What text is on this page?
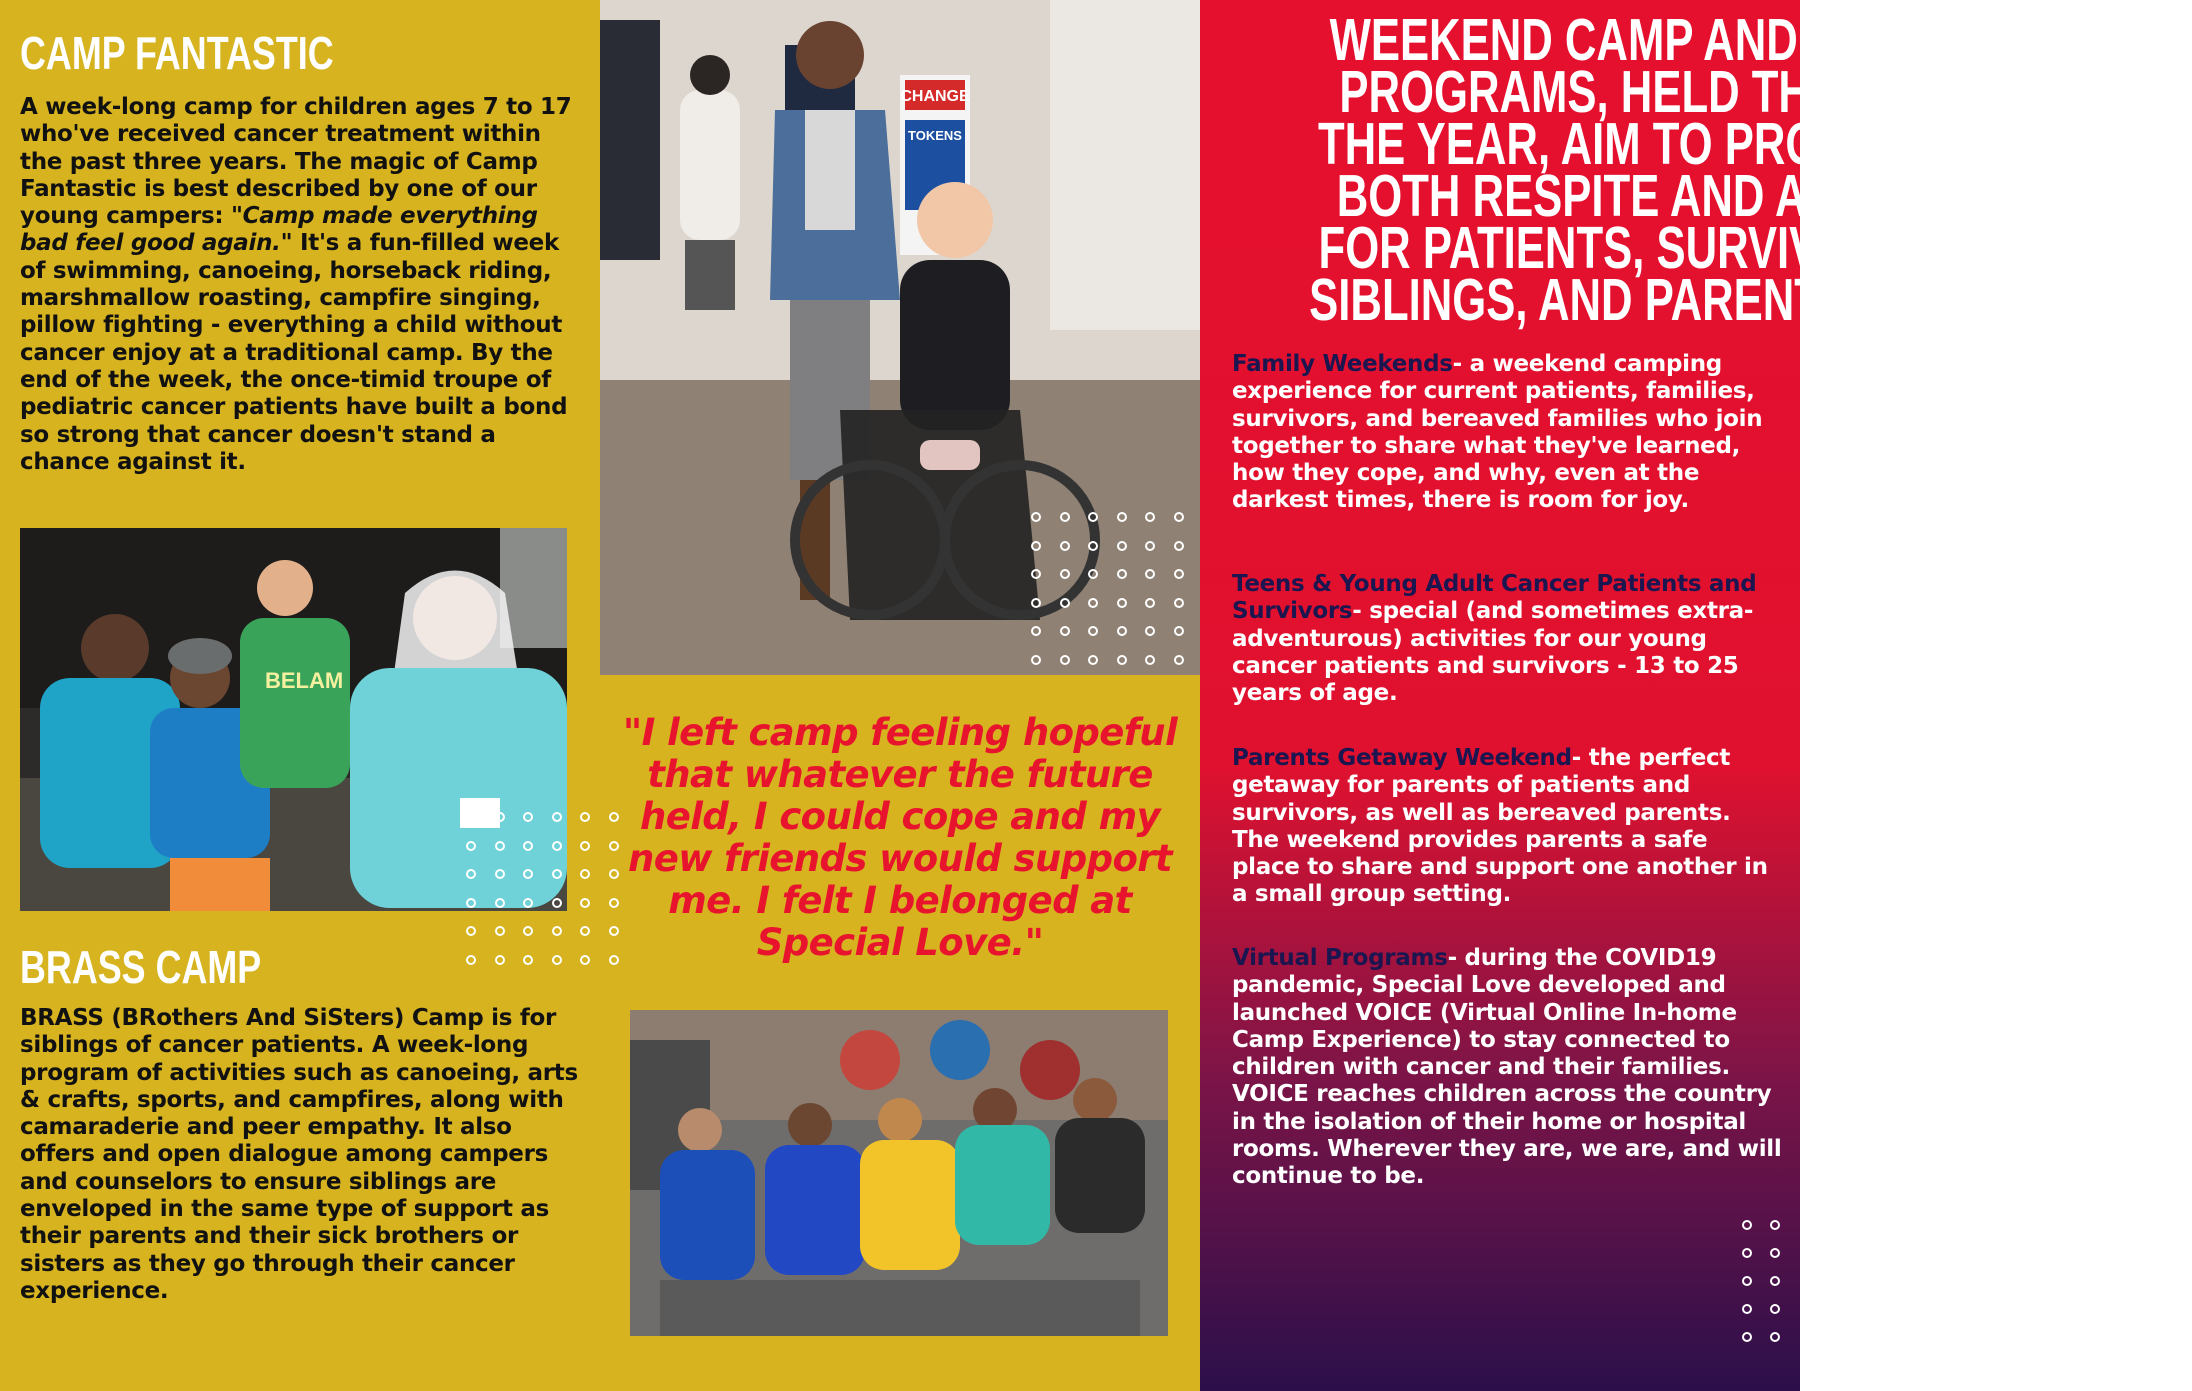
CAMP FANTASTIC

A week-long camp for children ages 7 to 17 who've received cancer treatment within the past three years. The magic of Camp Fantastic is best described by one of our young campers: "Camp made everything bad feel good again." It's a fun-filled week of swimming, canoeing, horseback riding, marshmallow roasting, campfire singing, pillow fighting - everything a child without cancer enjoy at a traditional camp. By the end of the week, the once-timid troupe of pediatric cancer patients have built a bond so strong that cancer doesn't stand a chance against it.

BELAM
BRASS CAMP

BRASS (BRothers And SiSters) Camp is for siblings of cancer patients. A week-long program of activities such as canoeing, arts & crafts, sports, and campfires, along with camaraderie and peer empathy. It also offers and open dialogue among campers and counselors to ensure siblings are enveloped in the same type of support as their parents and their sick brothers or sisters as they go through their cancer experience.

CHANGE
TOKENS
"I left camp feeling hopeful that whatever the future held, I could cope and my new friends would support me. I felt I belonged at Special Love."
WEEKEND CAMP AND VIRTUAL
PROGRAMS, HELD THROUGHOUT
THE YEAR, AIM TO PROVIDE
BOTH RESPITE AND ADVENTURE
FOR PATIENTS, SURVIVORS,
SIBLINGS, AND PARENTS.
Family Weekends- a weekend camping experience for current patients, families, survivors, and bereaved families who join together to share what they've learned, how they cope, and why, even at the darkest times, there is room for joy.
Teens & Young Adult Cancer Patients and Survivors- special (and sometimes extra-adventurous) activities for our young cancer patients and survivors - 13 to 25 years of age.
Parents Getaway Weekend- the perfect getaway for parents of patients and survivors, as well as bereaved parents. The weekend provides parents a safe place to share and support one another in a small group setting.
Virtual Programs- during the COVID19 pandemic, Special Love developed and launched VOICE (Virtual Online In-home Camp Experience) to stay connected to children with cancer and their families. VOICE reaches children across the country in the isolation of their home or hospital rooms. Wherever they are, we are, and will continue to be.
